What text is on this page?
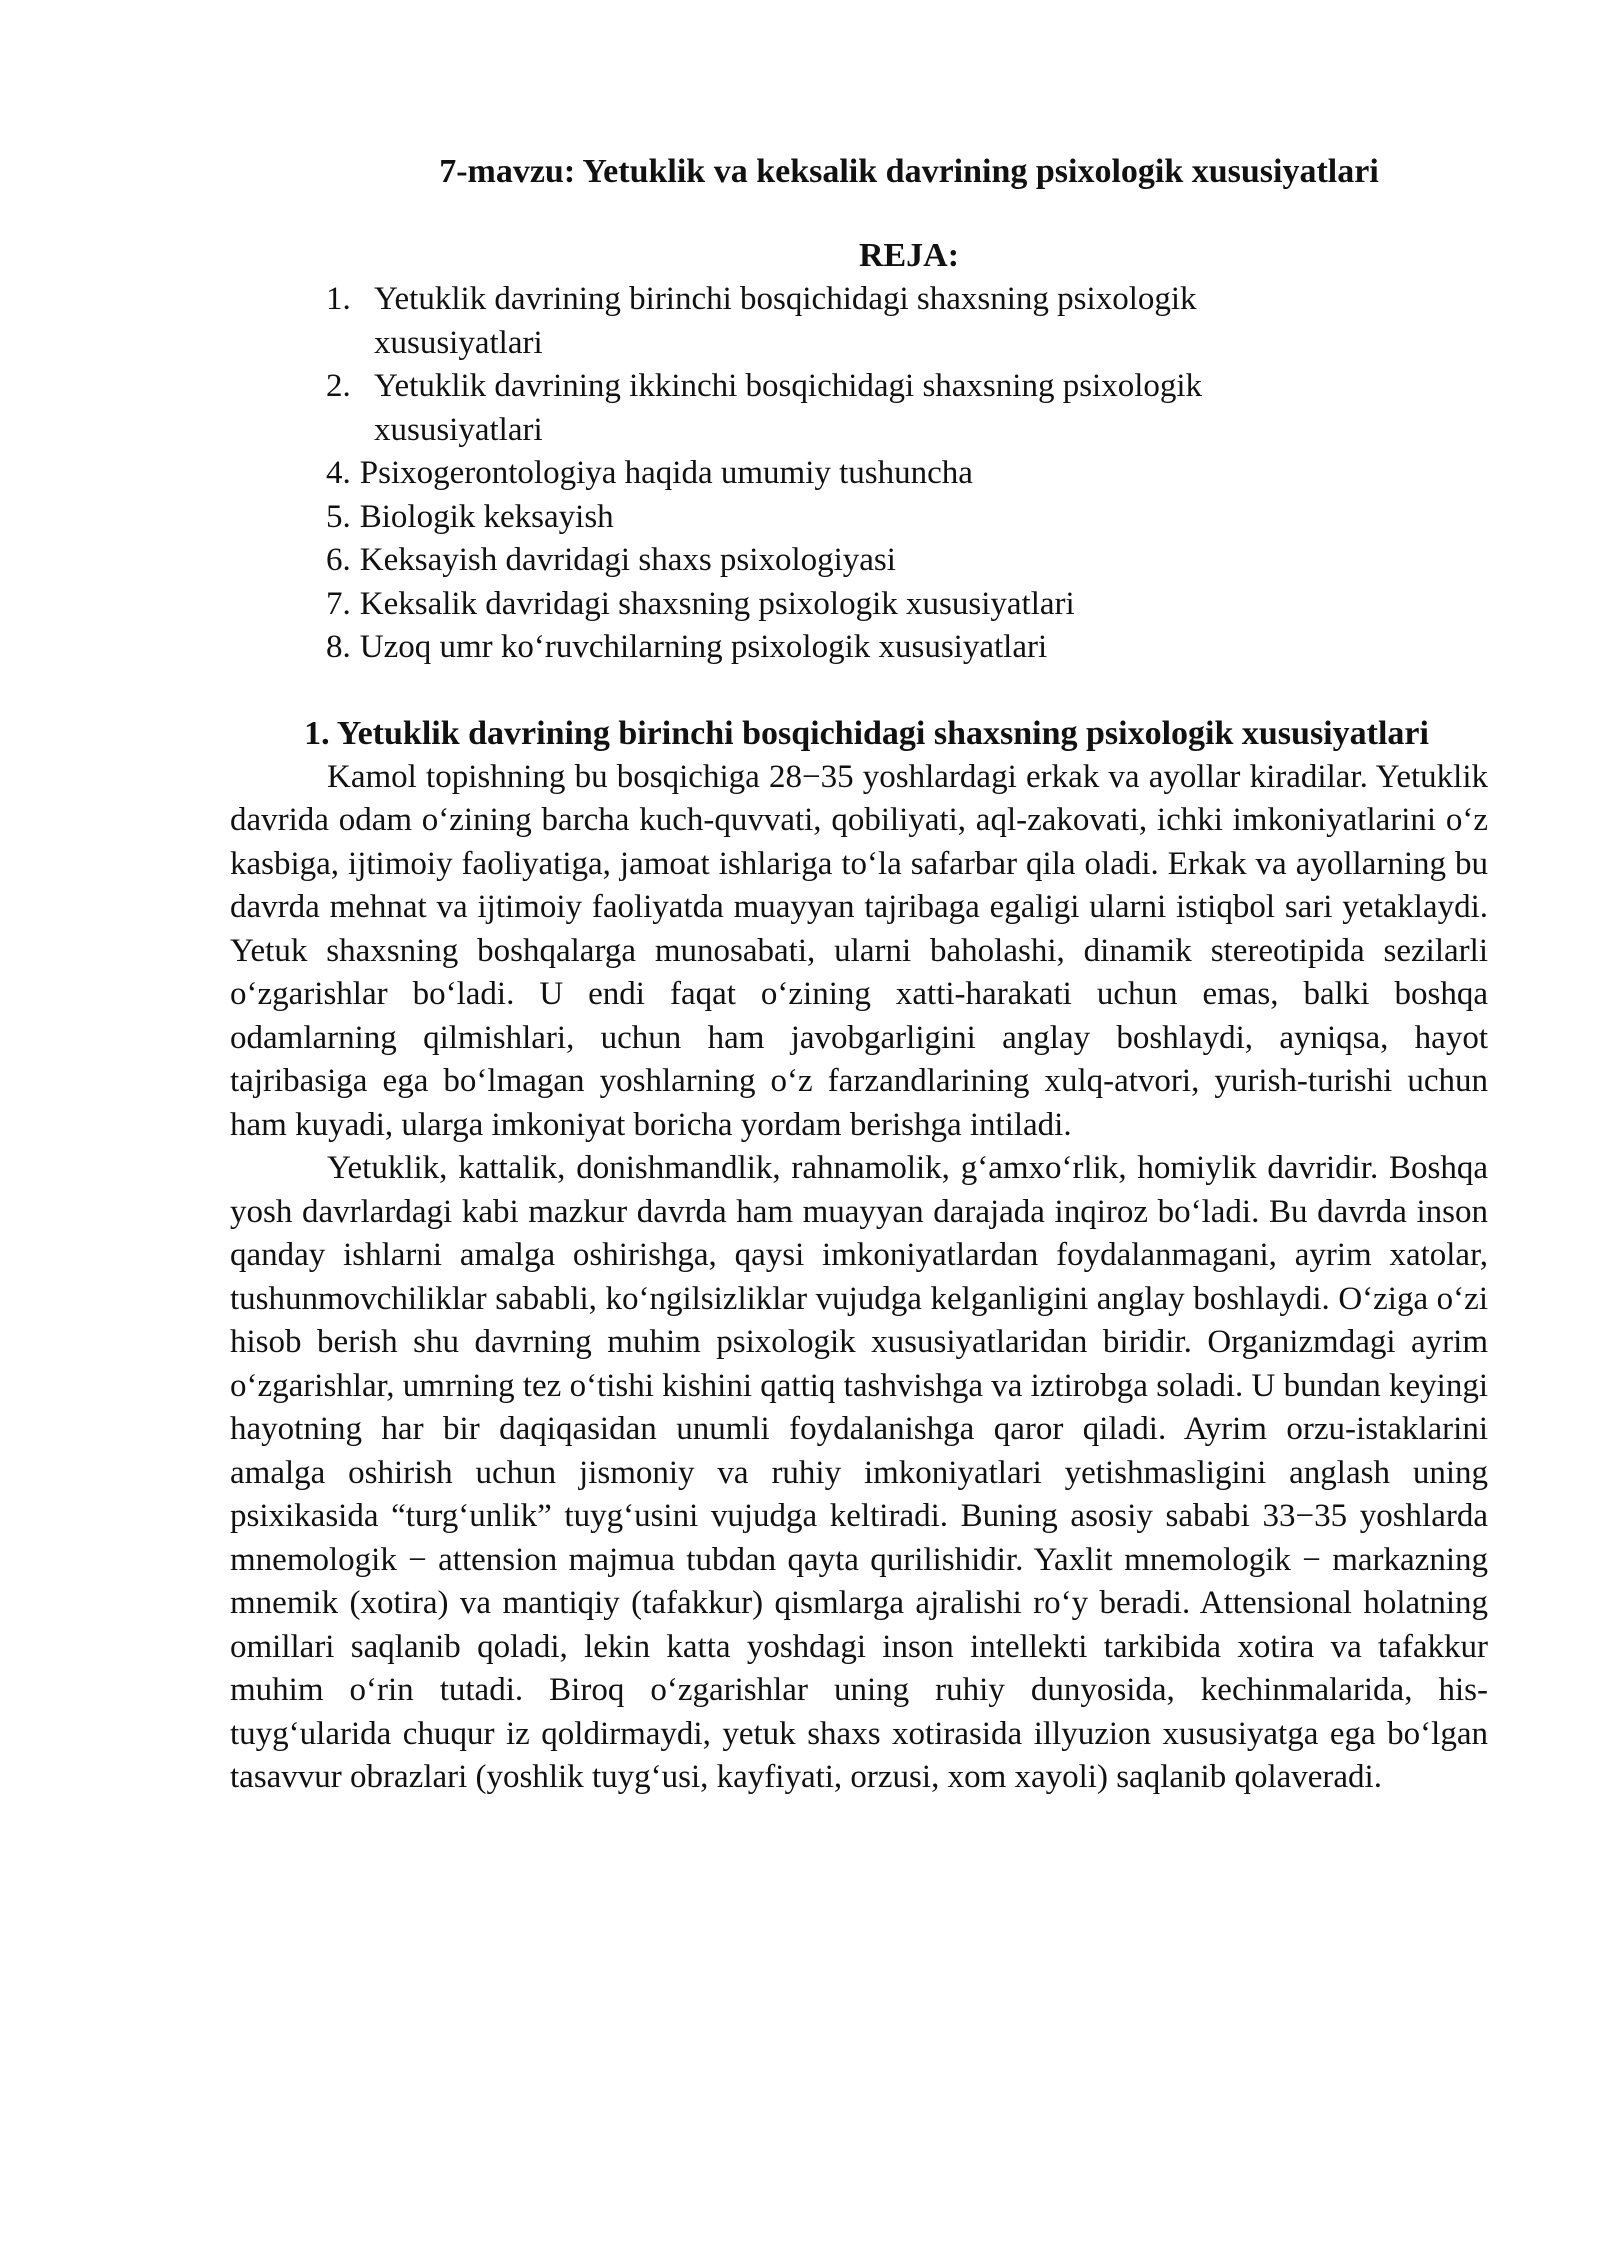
7-mavzu: Yetuklik va keksalik davrining psixologik xususiyatlari
REJA:
1. Yetuklik davrining birinchi bosqichidagi shaxsning psixologik xususiyatlari
2. Yetuklik davrining ikkinchi bosqichidagi shaxsning psixologik xususiyatlari
4. Psixogerontologiya haqida umumiy tushuncha
5. Biologik keksayish
6. Keksayish davridagi shaxs psixologiyasi
7. Keksalik davridagi shaxsning psixologik xususiyatlari
8. Uzoq umr ko‘ruvchilarning psixologik xususiyatlari
1. Yetuklik davrining birinchi bosqichidagi shaxsning psixologik xususiyatlari

Kamol topishning bu bosqichiga 28−35 yoshlardagi erkak va ayollar kiradilar. Yetuklik davrida odam o‘zining barcha kuch-quvvati, qobiliyati, aql-zakovati, ichki imkoniyatlarini o‘z kasbiga, ijtimoiy faoliyatiga, jamoat ishlariga to‘la safarbar qila oladi. Erkak va ayollarning bu davrda mehnat va ijtimoiy faoliyatda muayyan tajribaga egaligi ularni istiqbol sari yetaklaydi. Yetuk shaxsning boshqalarga munosabati, ularni baholashi, dinamik stereotipida sezilarli o‘zgarishlar bo‘ladi. U endi faqat o‘zining xatti-harakati uchun emas, balki boshqa odamlarning qilmishlari, uchun ham javobgarligini anglay boshlaydi, ayniqsa, hayot tajribasiga ega bo‘lmagan yoshlarning o‘z farzandlarining xulq-atvori, yurish-turishi uchun ham kuyadi, ularga imkoniyat boricha yordam berishga intiladi.

Yetuklik, kattalik, donishmandlik, rahnamolik, g‘amxo‘rlik, homiylik davridir. Boshqa yosh davrlardagi kabi mazkur davrda ham muayyan darajada inqiroz bo‘ladi. Bu davrda inson qanday ishlarni amalga oshirishga, qaysi imkoniyatlardan foydalanmagani, ayrim xatolar, tushunmovchiliklar sababli, ko‘ngilsizliklar vujudga kelganligini anglay boshlaydi. O‘ziga o‘zi hisob berish shu davrning muhim psixologik xususiyatlaridan biridir. Organizmdagi ayrim o‘zgarishlar, umrning tez o‘tishi kishini qattiq tashvishga va iztirobga soladi. U bundan keyingi hayotning har bir daqiqasidan unumli foydalanishga qaror qiladi. Ayrim orzu-istaklarini amalga oshirish uchun jismoniy va ruhiy imkoniyatlari yetishmasligini anglash uning psixikasida “turg‘unlik” tuyg‘usini vujudga keltiradi. Buning asosiy sababi 33−35 yoshlarda mnemologik − attension majmua tubdan qayta qurilishidir. Yaxlit mnemologik − markazning mnemik (xotira) va mantiqiy (tafakkur) qismlarga ajralishi ro‘y beradi. Attensional holatning omillari saqlanib qoladi, lekin katta yoshdagi inson intellekti tarkibida xotira va tafakkur muhim o‘rin tutadi. Biroq o‘zgarishlar uning ruhiy dunyosida, kechinmalarida, his-tuyg‘ularida chuqur iz qoldirmaydi, yetuk shaxs xotirasida illyuzion xususiyatga ega bo‘lgan tasavvur obrazlari (yoshlik tuyg‘usi, kayfiyati, orzusi, xom xayoli) saqlanib qolaveradi.
